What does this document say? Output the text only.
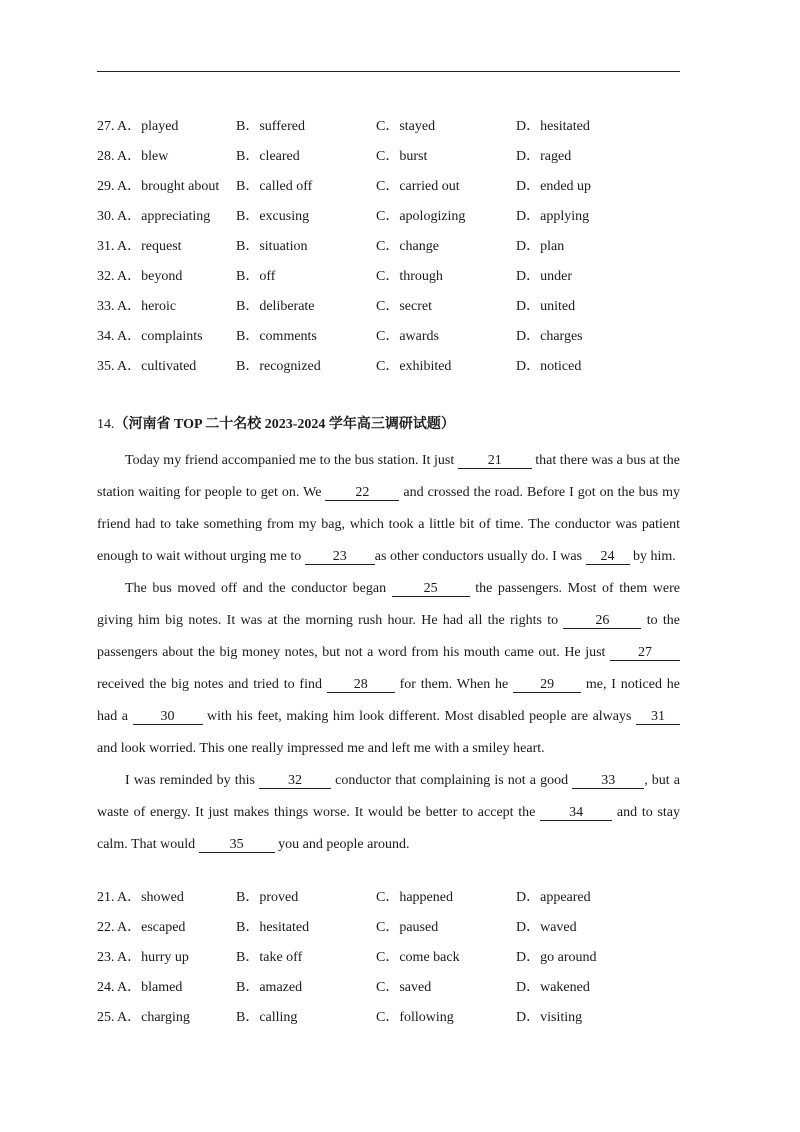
27. A．played	B．suffered	C．stayed	D．hesitated
28. A．blew	B．cleared	C．burst	D．raged
29. A．brought about B．called off	C．carried out	D．ended up
30. A．appreciating B．excusing	C．apologizing	D．applying
31. A．request	B．situation	C．change	D．plan
32. A．beyond	B．off	C．through	D．under
33. A．heroic	B．deliberate	C．secret	D．united
34. A．complaints B．comments	C．awards	D．charges
35. A．cultivated	B．recognized	C．exhibited	D．noticed
14.（河南省 TOP 二十名校 2023-2024 学年高三调研试题）

Today my friend accompanied me to the bus station. It just 21 that there was a bus at the station waiting for people to get on. We 22 and crossed the road. Before I got on the bus my friend had to take something from my bag, which took a little bit of time. The conductor was patient enough to wait without urging me to 23 as other conductors usually do. I was 24 by him.

The bus moved off and the conductor began 25 the passengers. Most of them were giving him big notes. It was at the morning rush hour. He had all the rights to 26 to the passengers about the big money notes, but not a word from his mouth came out. He just 27 received the big notes and tried to find 28 for them. When he 29 me, I noticed he had a 30 with his feet, making him look different. Most disabled people are always 31 and look worried. This one really impressed me and left me with a smiley heart.

I was reminded by this 32 conductor that complaining is not a good 33 , but a waste of energy. It just makes things worse. It would be better to accept the 34 and to stay calm. That would 35 you and people around.

21. A．showed	B．proved	C．happened	D．appeared
22. A．escaped	B．hesitated	C．paused	D．waved
23. A．hurry up	B．take off	C．come back	D．go around
24. A．blamed	B．amazed	C．saved	D．wakened
25. A．charging	B．calling	C．following	D．visiting
